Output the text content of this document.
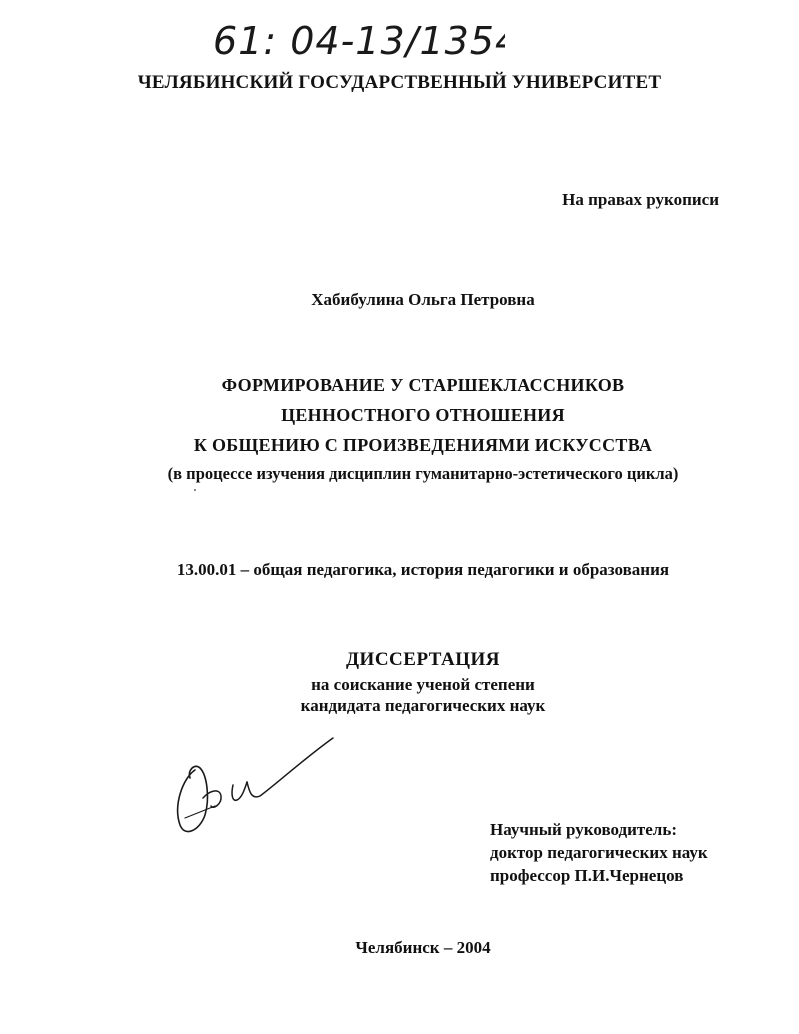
61: 04-13/1354
ЧЕЛЯБИНСКИЙ ГОСУДАРСТВЕННЫЙ УНИВЕРСИТЕТ
На правах рукописи
Хабибулина Ольга Петровна
ФОРМИРОВАНИЕ У СТАРШЕКЛАССНИКОВ
ЦЕННОСТНОГО ОТНОШЕНИЯ
К ОБЩЕНИЮ С ПРОИЗВЕДЕНИЯМИ ИСКУССТВА
(в процессе изучения дисциплин гуманитарно-эстетического цикла)
13.00.01 – общая педагогика, история педагогики и образования
ДИССЕРТАЦИЯ
на соискание ученой степени
кандидата педагогических наук
Научный руководитель:
доктор педагогических наук
профессор П.И.Чернецов
Челябинск – 2004
